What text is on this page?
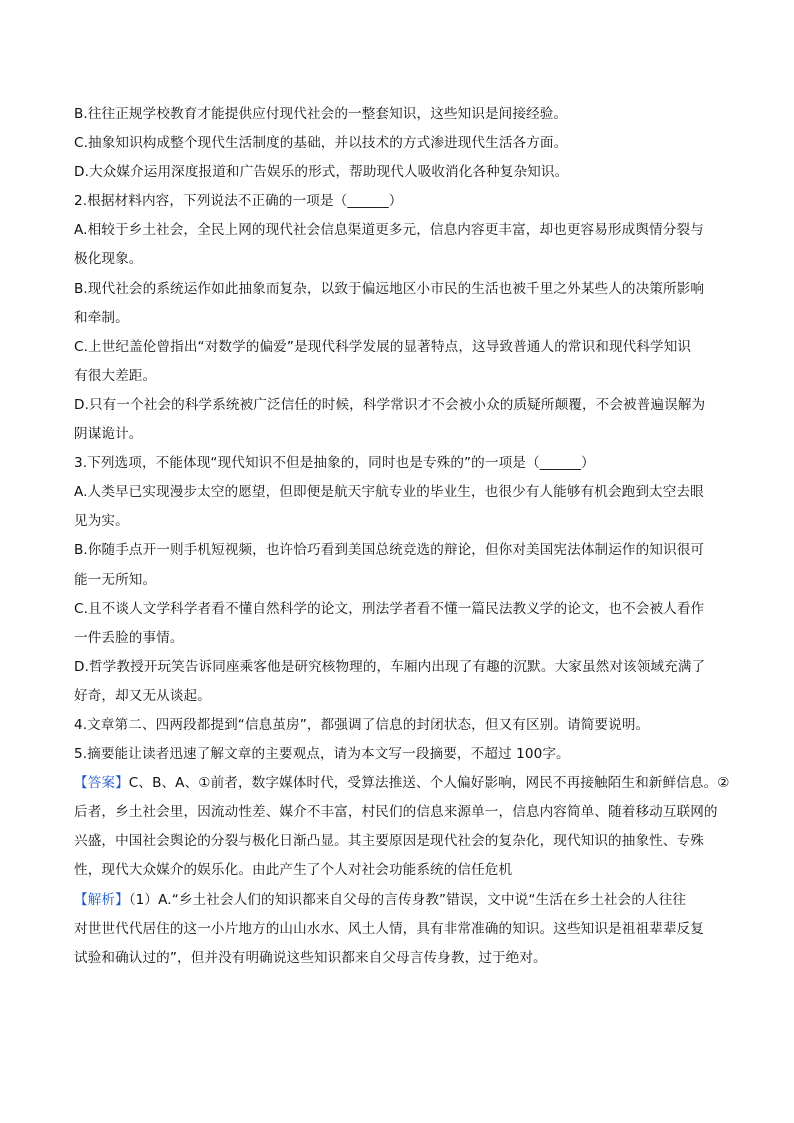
B.往往正规学校教育才能提供应付现代社会的一整套知识，这些知识是间接经验。
C.抽象知识构成整个现代生活制度的基础，并以技术的方式渗进现代生活各方面。
D.大众媒介运用深度报道和广告娱乐的形式，帮助现代人吸收消化各种复杂知识。
2.根据材料内容，下列说法不正确的一项是（______）
A.相较于乡土社会，全民上网的现代社会信息渠道更多元，信息内容更丰富，却也更容易形成舆情分裂与
极化现象。
B.现代社会的系统运作如此抽象而复杂，以致于偏远地区小市民的生活也被千里之外某些人的决策所影响
和牵制。
C.上世纪盖伦曾指出“对数学的偏爱”是现代科学发展的显著特点，这导致普通人的常识和现代科学知识
有很大差距。
D.只有一个社会的科学系统被广泛信任的时候，科学常识才不会被小众的质疑所颠覆，不会被普遍误解为
阴谋诡计。
3.下列选项，不能体现“现代知识不但是抽象的，同时也是专殊的”的一项是（______）
A.人类早已实现漫步太空的愿望，但即便是航天宇航专业的毕业生，也很少有人能够有机会跑到太空去眼
见为实。
B.你随手点开一则手机短视频，也许恰巧看到美国总统竞选的辩论，但你对美国宪法体制运作的知识很可
能一无所知。
C.且不谈人文学科学者看不懂自然科学的论文，刑法学者看不懂一篇民法教义学的论文，也不会被人看作
一件丢脸的事情。
D.哲学教授开玩笑告诉同座乘客他是研究核物理的，车厢内出现了有趣的沉默。大家虽然对该领域充满了
好奇，却又无从谈起。
4.文章第二、四两段都提到“信息茧房”，都强调了信息的封闭状态，但又有区别。请简要说明。
5.摘要能让读者迅速了解文章的主要观点，请为本文写一段摘要，不超过 100字。
【答案】C、B、A、①前者，数字媒体时代，受算法推送、个人偏好影响，网民不再接触陌生和新鲜信息。②
后者，乡土社会里，因流动性差、媒介不丰富，村民们的信息来源单一，信息内容简单、随着移动互联网的
兴盛，中国社会舆论的分裂与极化日渐凸显。其主要原因是现代社会的复杂化，现代知识的抽象性、专殊
性，现代大众媒介的娱乐化。由此产生了个人对社会功能系统的信任危机
【解析】（1）A.“乡土社会人们的知识都来自父母的言传身教”错误，文中说“生活在乡土社会的人往往
对世世代代居住的这一小片地方的山山水水、风土人情，具有非常准确的知识。这些知识是祖祖辈辈反复
试验和确认过的”，但并没有明确说这些知识都来自父母言传身教，过于绝对。
